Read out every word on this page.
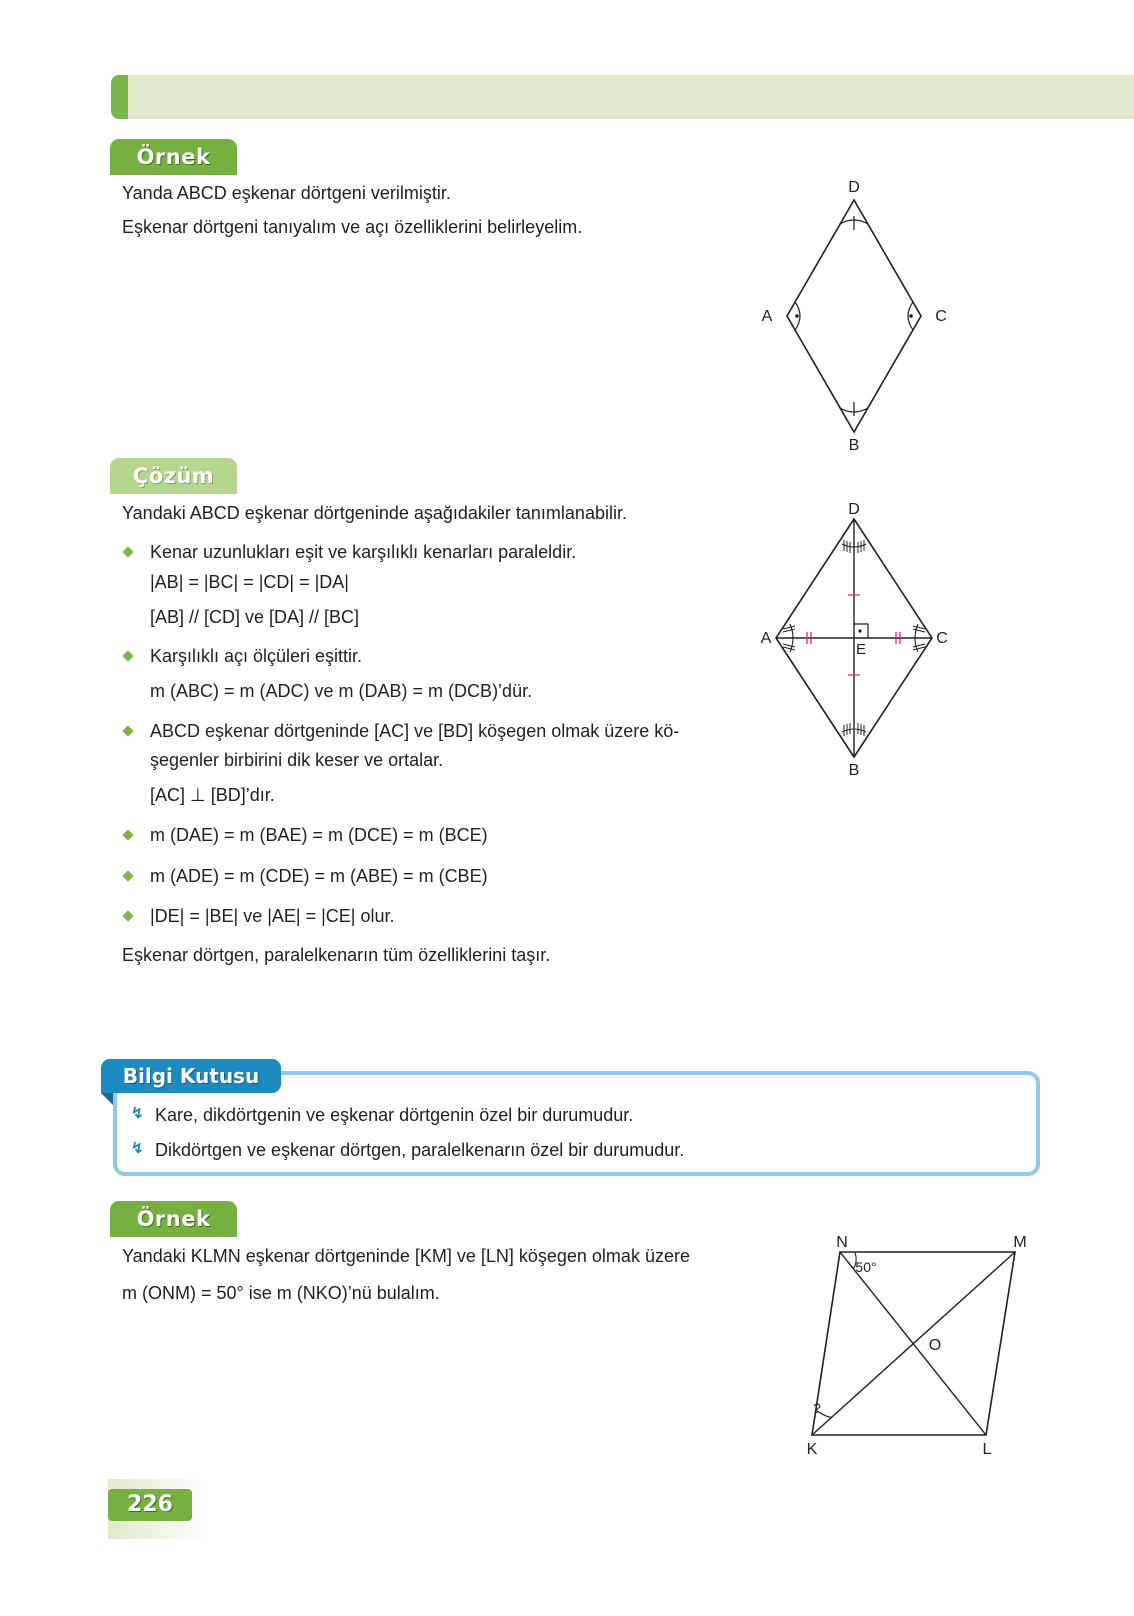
Örnek
Yanda ABCD eşkenar dörtgeni verilmiştir.
Eşkenar dörtgeni tanıyalım ve açı özelliklerini belirleyelim.
D
A	C
B
Çözüm
Yandaki ABCD eşkenar dörtgeninde aşağıdakiler tanımlanabilir.
Kenar uzunlukları eşit ve karşılıklı kenarları paraleldir.
|AB| = |BC| = |CD| = |DA|
[AB] // [CD] ve [DA] // [BC]
Karşılıklı açı ölçüleri eşittir.
m (ABC) = m (ADC) ve m (DAB) = m (DCB)’dür.
ABCD eşkenar dörtgeninde [AC] ve [BD] köşegen olmak üzere kö-
şegenler birbirini dik keser ve ortalar.
[AC] ⊥ [BD]’dır.
m (DAE) = m (BAE) = m (DCE) = m (BCE)
m (ADE) = m (CDE) = m (ABE) = m (CBE)
|DE| = |BE| ve |AE| = |CE| olur.
Eşkenar dörtgen, paralelkenarın tüm özelliklerini taşır.
D
A	C
B
E
Bilgi Kutusu
↯ Kare, dikdörtgenin ve eşkenar dörtgenin özel bir durumudur.
↯ Dikdörtgen ve eşkenar dörtgen, paralelkenarın özel bir durumudur.
Örnek
Yandaki KLMN eşkenar dörtgeninde [KM] ve [LN] köşegen olmak üzere
m (ONM) = 50° ise m (NKO)’nü bulalım.
N	M
O
K	L
50°
?
226
